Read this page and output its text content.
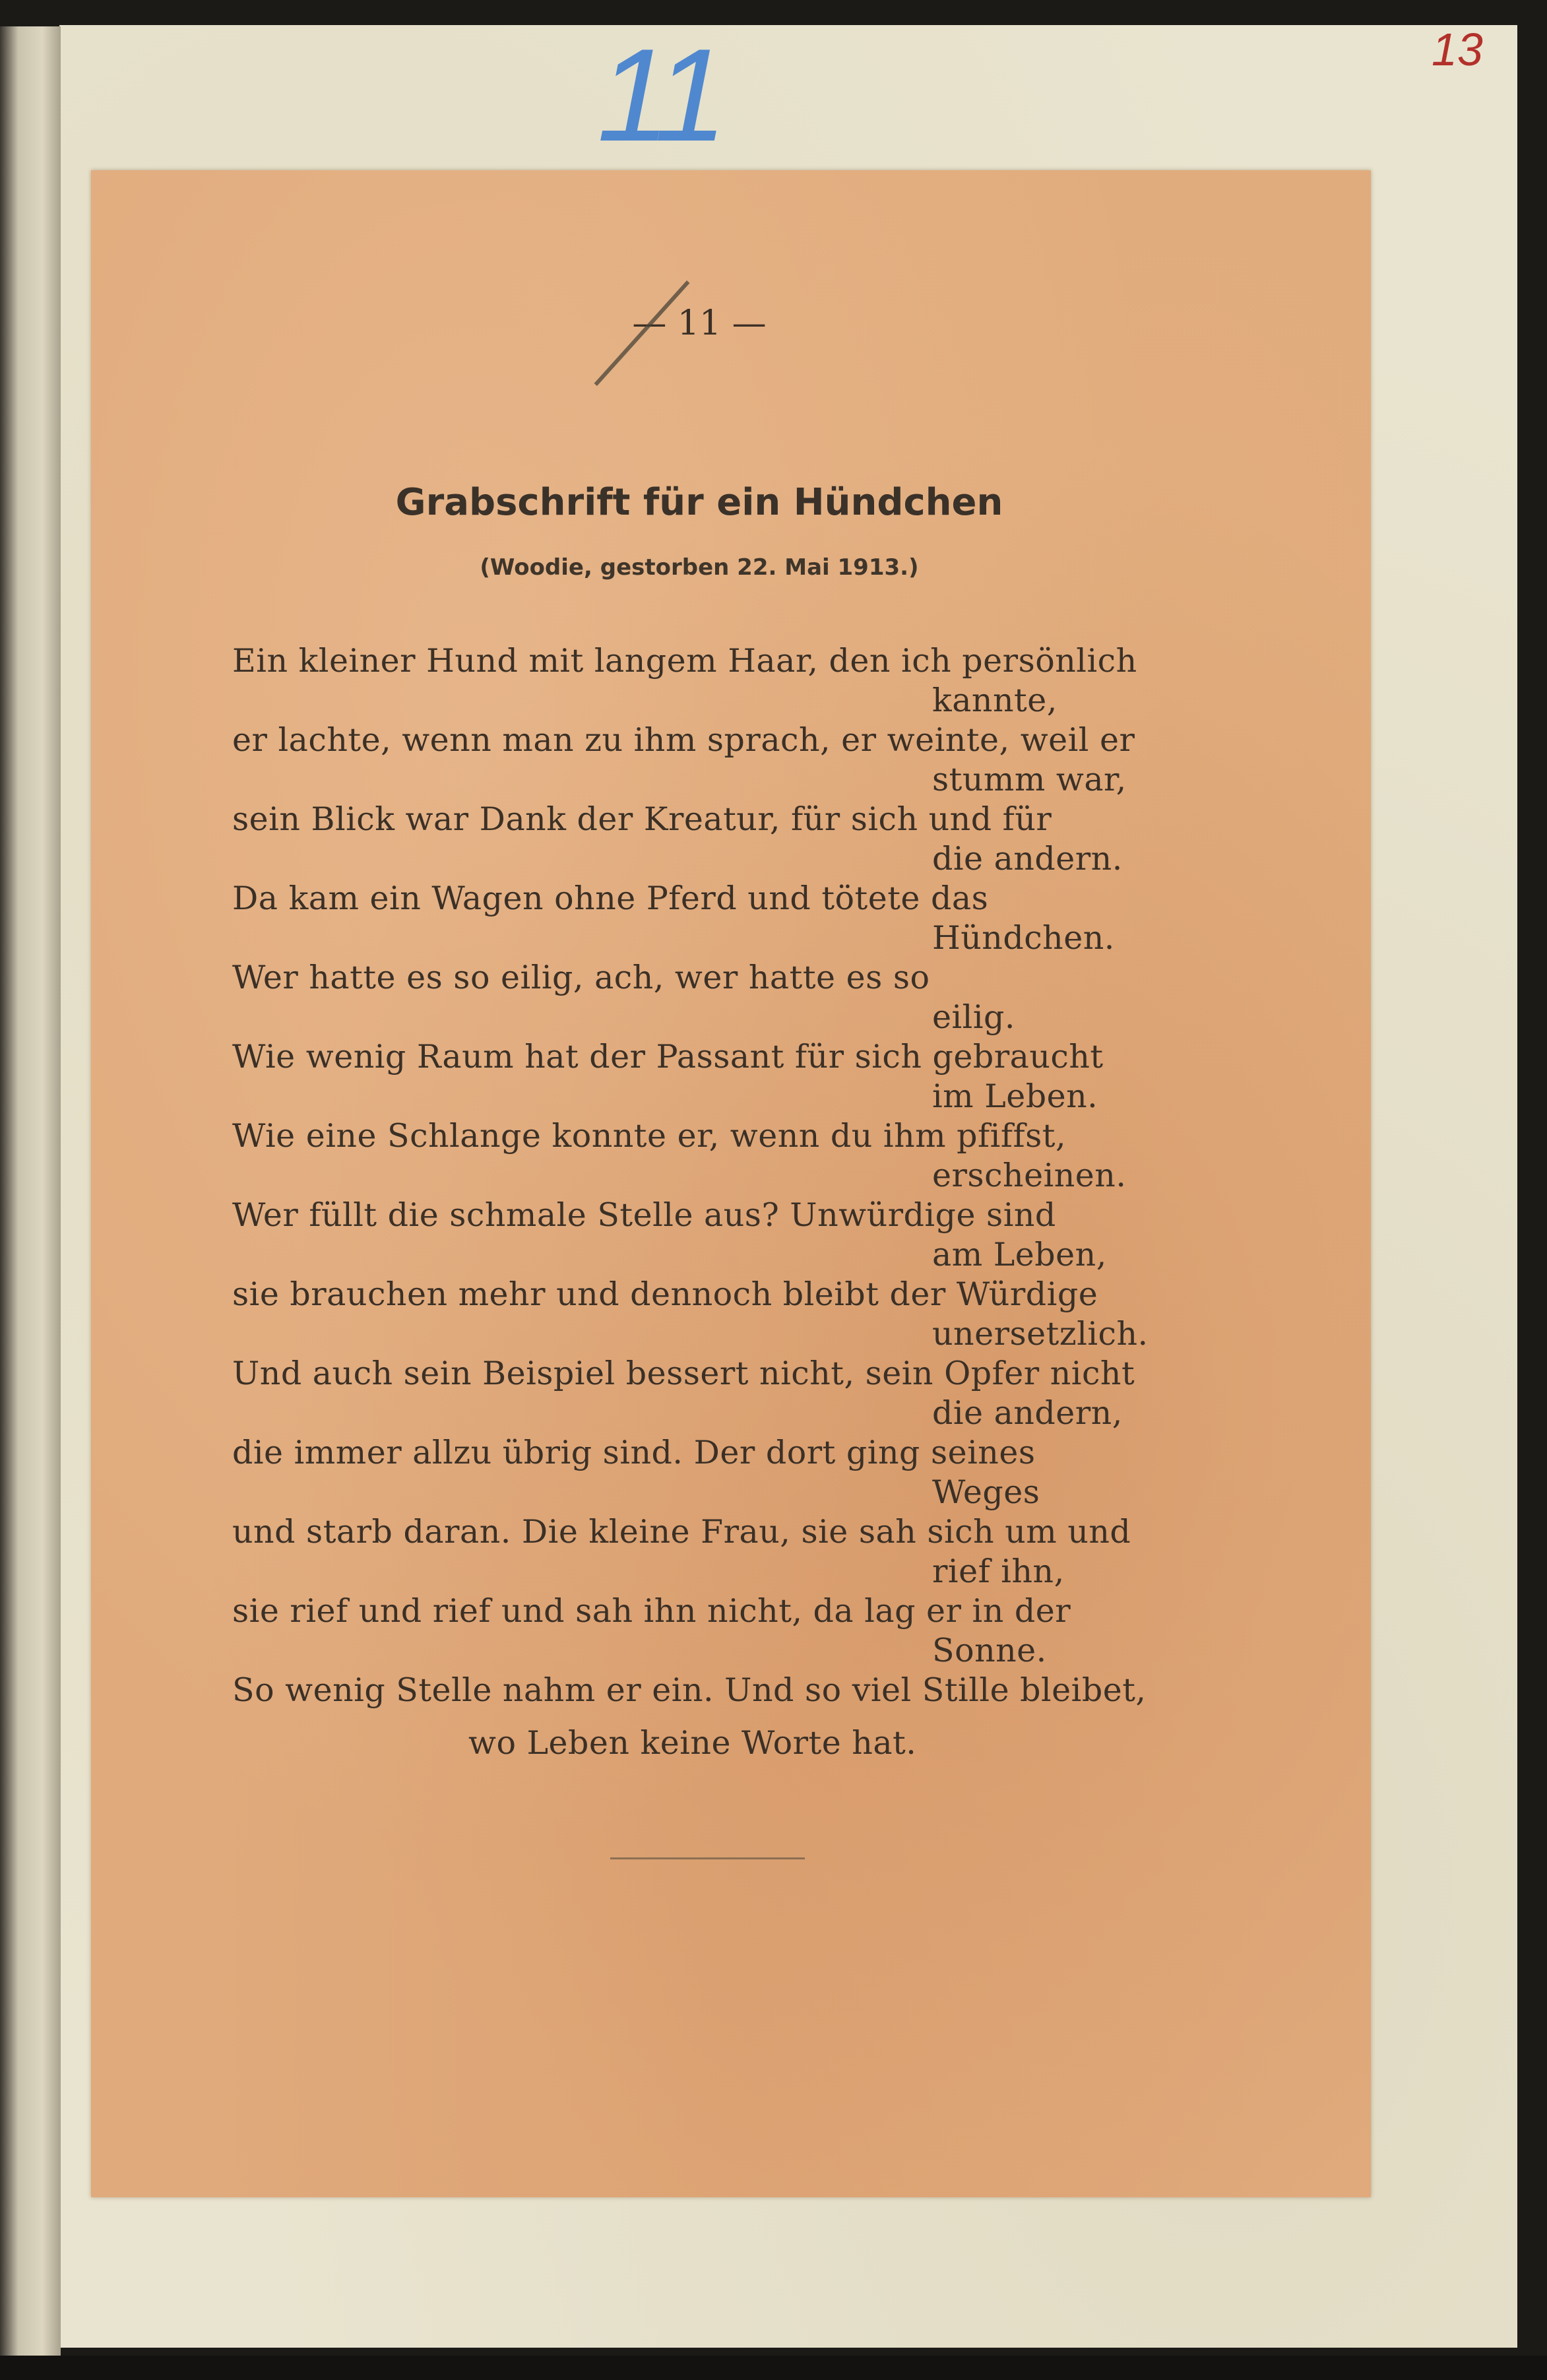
11	13
— 11 —
Grabschrift für ein Hündchen
(Woodie, gestorben 22. Mai 1913.)
Ein kleiner Hund mit langem Haar, den ich persönlich
kannte,
er lachte, wenn man zu ihm sprach, er weinte, weil er
stumm war,
sein Blick war Dank der Kreatur, für sich und für
die andern.
Da kam ein Wagen ohne Pferd und tötete das
Hündchen.
Wer hatte es so eilig, ach, wer hatte es so
eilig.
Wie wenig Raum hat der Passant für sich gebraucht
im Leben.
Wie eine Schlange konnte er, wenn du ihm pfiffst,
erscheinen.
Wer füllt die schmale Stelle aus? Unwürdige sind
am Leben,
sie brauchen mehr und dennoch bleibt der Würdige
unersetzlich.
Und auch sein Beispiel bessert nicht, sein Opfer nicht
die andern,
die immer allzu übrig sind. Der dort ging seines
Weges
und starb daran. Die kleine Frau, sie sah sich um und
rief ihn,
sie rief und rief und sah ihn nicht, da lag er in der
Sonne.
So wenig Stelle nahm er ein. Und so viel Stille bleibet,
wo Leben keine Worte hat.
